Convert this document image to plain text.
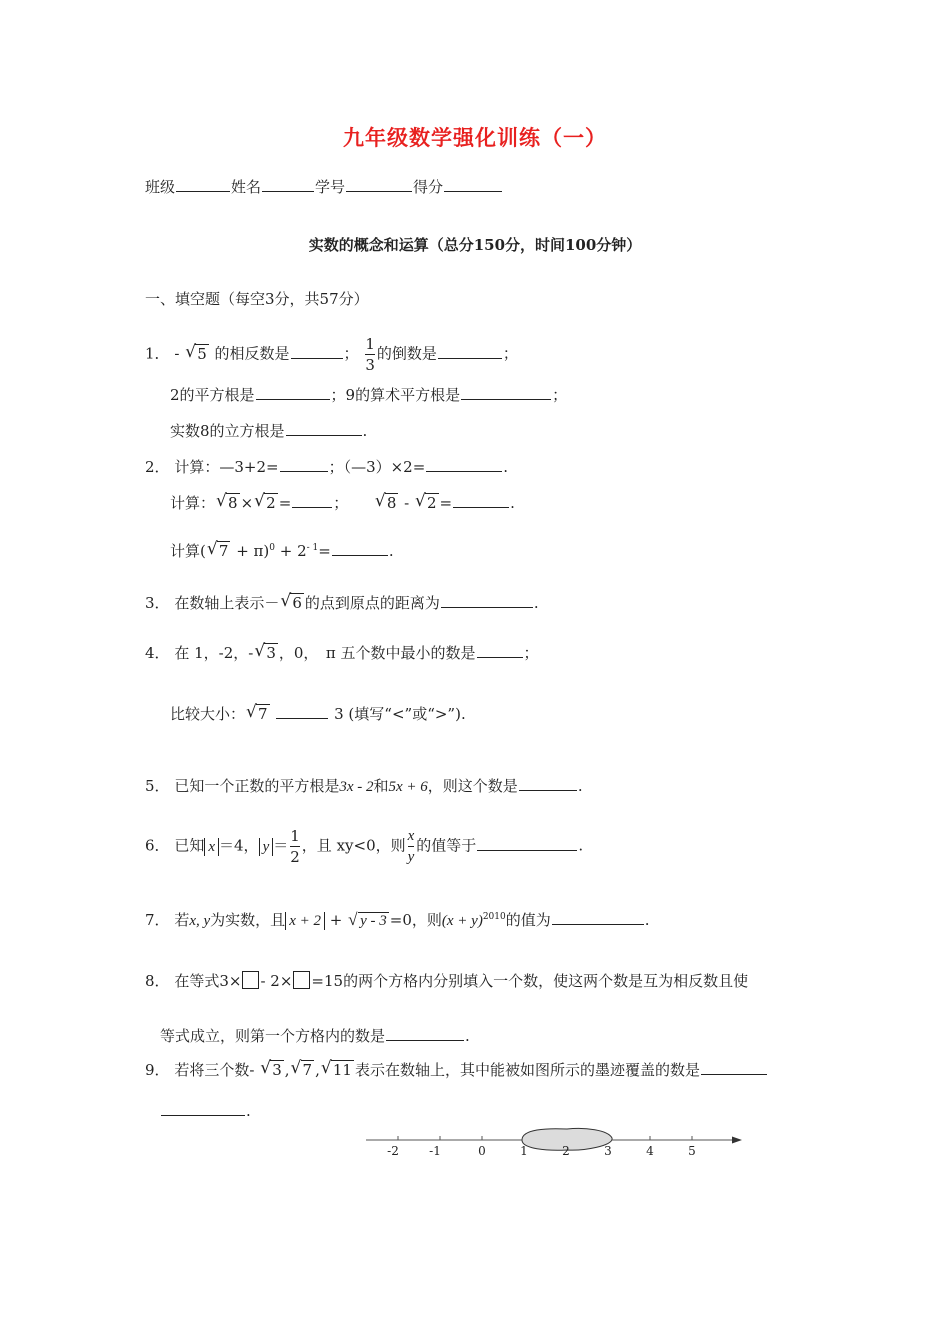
九年级数学强化训练（一）
班级	姓名	学号	得分
实数的概念和运算（总分150分，时间100分钟）
一、填空题（每空3分，共57分）
1． - √ 5 的相反数是	； $\frac{1}{3}$ 的倒数是	；
2的平方根是	；9的算术平方根是	；
实数8的立方根是	.
2． 计算：—3+2=	；（—3）×2=	.
计算： √ 8 × √ 2 =	；	√ 8 - √ 2 =	.
计算( √ $7 + \pi)^0 + 2^{- 1}=$	.
3． 在数轴上表示－ √ 6 的点到原点的距离为	.
4． 在 1，-2，- √ 3 ，0，　π 五个数中最小的数是	；
比较大小： √ 7	3 (填写“<”或“>”).
5． 已知一个正数的平方根是3x - 2和5x + 6，则这个数是	.
6． 已知 x ＝4， $y = \frac{1}{2}$ ，且 xy<0，则 $\frac{x}{y}$ 的值等于	.
7． 若x, y为实数，且 x + 2 + √ y - 3 =0，则$(x + y)^{2010}$的值为	.
8． 在等式3× - 2× =15的两个方格内分别填入一个数，使这两个数是互为相反数且使
等式成立，则第一个方格内的数是	.
9． 若将三个数- √ 3 , √ 7 , √ 11 表示在数轴上，其中能被如图所示的墨迹覆盖的数是
.
-2	-1	0	1	2	3	4	5
